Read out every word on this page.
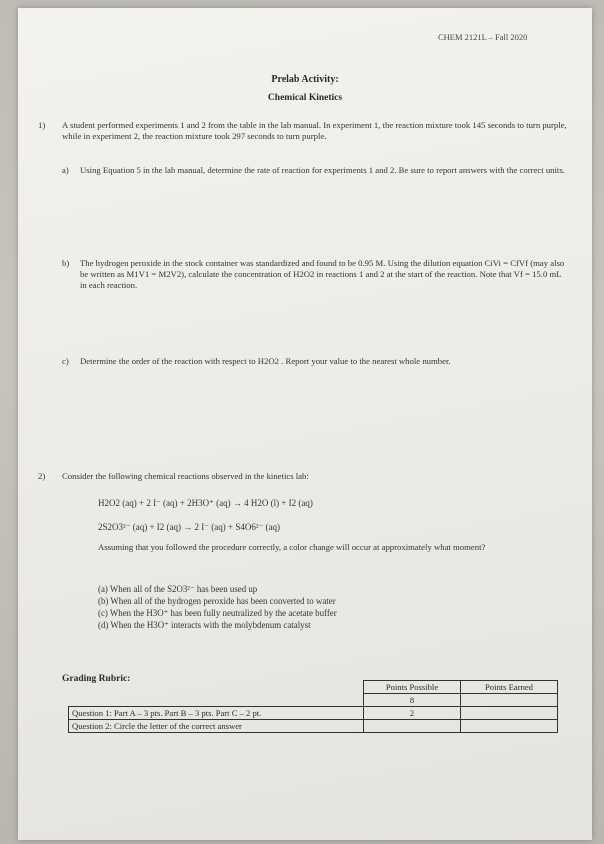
CHEM 2121L – Fall 2020
Prelab Activity:
Chemical Kinetics
1) A student performed experiments 1 and 2 from the table in the lab manual. In experiment 1, the reaction mixture took 145 seconds to turn purple, while in experiment 2, the reaction mixture took 297 seconds to turn purple.
a) Using Equation 5 in the lab manual, determine the rate of reaction for experiments 1 and 2. Be sure to report answers with the correct units.
b) The hydrogen peroxide in the stock container was standardized and found to be 0.95 M. Using the dilution equation CiVi = CfVf (may also be written as M1V1 = M2V2), calculate the concentration of H2O2 in reactions 1 and 2 at the start of the reaction. Note that Vf = 15.0 mL in each reaction.
c) Determine the order of the reaction with respect to H2O2 . Report your value to the nearest whole number.
2) Consider the following chemical reactions observed in the kinetics lab:
H2O2 (aq) + 2 I⁻ (aq) + 2H3O⁺ (aq) → 4 H2O (l) + I2 (aq)
2S2O3²⁻ (aq) + I2 (aq) → 2 I⁻ (aq) + S4O6²⁻ (aq)
Assuming that you followed the procedure correctly, a color change will occur at approximately what moment?
(a) When all of the S2O3²⁻ has been used up
(b) When all of the hydrogen peroxide has been converted to water
(c) When the H3O⁺ has been fully neutralized by the acetate buffer
(d) When the H3O⁺ interacts with the molybdenum catalyst
Grading Rubric:
	Points Possible	Points Earned
	8	
Question 1: Part A – 3 pts. Part B – 3 pts. Part C – 2 pt.	2	
Question 2: Circle the letter of the correct answer		
